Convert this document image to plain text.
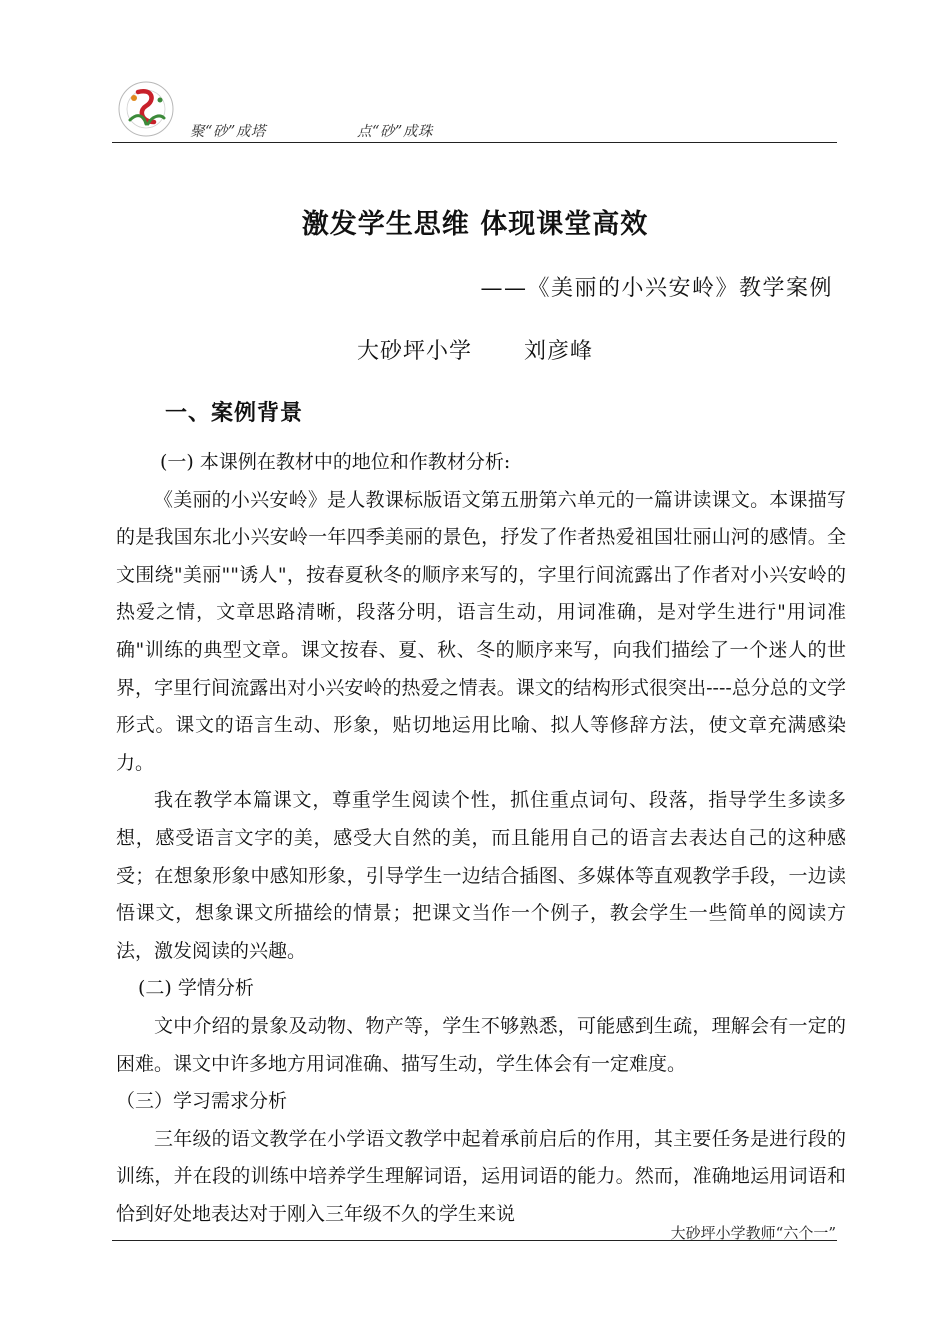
聚“砂”成塔	点“砂”成珠
激发学生思维 体现课堂高效
——《美丽的小兴安岭》教学案例
大砂坪小学 刘彦峰
一、案例背景

(一) 本课例在教材中的地位和作教材分析:

《美丽的小兴安岭》是人教课标版语文第五册第六单元的一篇讲读课文。本课描写的是我国东北小兴安岭一年四季美丽的景色，抒发了作者热爱祖国壮丽山河的感情。全文围绕"美丽""诱人"，按春夏秋冬的顺序来写的，字里行间流露出了作者对小兴安岭的热爱之情，文章思路清晰，段落分明，语言生动，用词准确，是对学生进行"用词准确"训练的典型文章。课文按春、夏、秋、冬的顺序来写，向我们描绘了一个迷人的世界，字里行间流露出对小兴安岭的热爱之情表。课文的结构形式很突出----总分总的文学形式。课文的语言生动、形象，贴切地运用比喻、拟人等修辞方法，使文章充满感染力。

我在教学本篇课文，尊重学生阅读个性，抓住重点词句、段落，指导学生多读多想，感受语言文字的美，感受大自然的美，而且能用自己的语言去表达自己的这种感受；在想象形象中感知形象，引导学生一边结合插图、多媒体等直观教学手段，一边读悟课文，想象课文所描绘的情景；把课文当作一个例子，教会学生一些简单的阅读方法，激发阅读的兴趣。

(二) 学情分析

文中介绍的景象及动物、物产等，学生不够熟悉，可能感到生疏，理解会有一定的困难。课文中许多地方用词准确、描写生动，学生体会有一定难度。

（三）学习需求分析

三年级的语文教学在小学语文教学中起着承前启后的作用，其主要任务是进行段的训练，并在段的训练中培养学生理解词语，运用词语的能力。然而，准确地运用词语和恰到好处地表达对于刚入三年级不久的学生来说

大砂坪小学教师“六个一”
